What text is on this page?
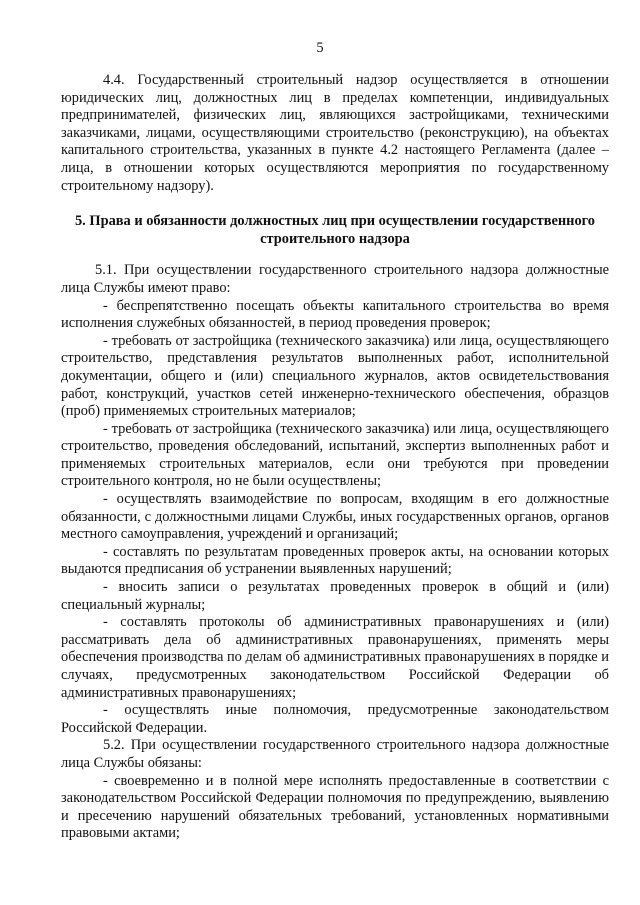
5

4.4. Государственный строительный надзор осуществляется в отношении юридических лиц, должностных лиц в пределах компетенции, индивидуальных предпринимателей, физических лиц, являющихся застройщиками, техническими заказчиками, лицами, осуществляющими строительство (реконструкцию), на объектах капитального строительства, указанных в пункте 4.2 настоящего Регламента (далее – лица, в отношении которых осуществляются мероприятия по государственному строительному надзору).

5. Права и обязанности должностных лиц при осуществлении государственного строительного надзора

5.1. При осуществлении государственного строительного надзора должностные лица Службы имеют право:

- беспрепятственно посещать объекты капитального строительства во время исполнения служебных обязанностей, в период проведения проверок;

- требовать от застройщика (технического заказчика) или лица, осуществляющего строительство, представления результатов выполненных работ, исполнительной документации, общего и (или) специального журналов, актов освидетельствования работ, конструкций, участков сетей инженерно-технического обеспечения, образцов (проб) применяемых строительных материалов;

- требовать от застройщика (технического заказчика) или лица, осуществляющего строительство, проведения обследований, испытаний, экспертиз выполненных работ и применяемых строительных материалов, если они требуются при проведении строительного контроля, но не были осуществлены;

- осуществлять взаимодействие по вопросам, входящим в его должностные обязанности, с должностными лицами Службы, иных государственных органов, органов местного самоуправления, учреждений и организаций;

- составлять по результатам проведенных проверок акты, на основании которых выдаются предписания об устранении выявленных нарушений;

- вносить записи о результатах проведенных проверок в общий и (или) специальный журналы;

- составлять протоколы об административных правонарушениях и (или) рассматривать дела об административных правонарушениях, применять меры обеспечения производства по делам об административных правонарушениях в порядке и случаях, предусмотренных законодательством Российской Федерации об административных правонарушениях;

- осуществлять иные полномочия, предусмотренные законодательством Российской Федерации.

5.2. При осуществлении государственного строительного надзора должностные лица Службы обязаны:

- своевременно и в полной мере исполнять предоставленные в соответствии с законодательством Российской Федерации полномочия по предупреждению, выявлению и пресечению нарушений обязательных требований, установленных нормативными правовыми актами;
